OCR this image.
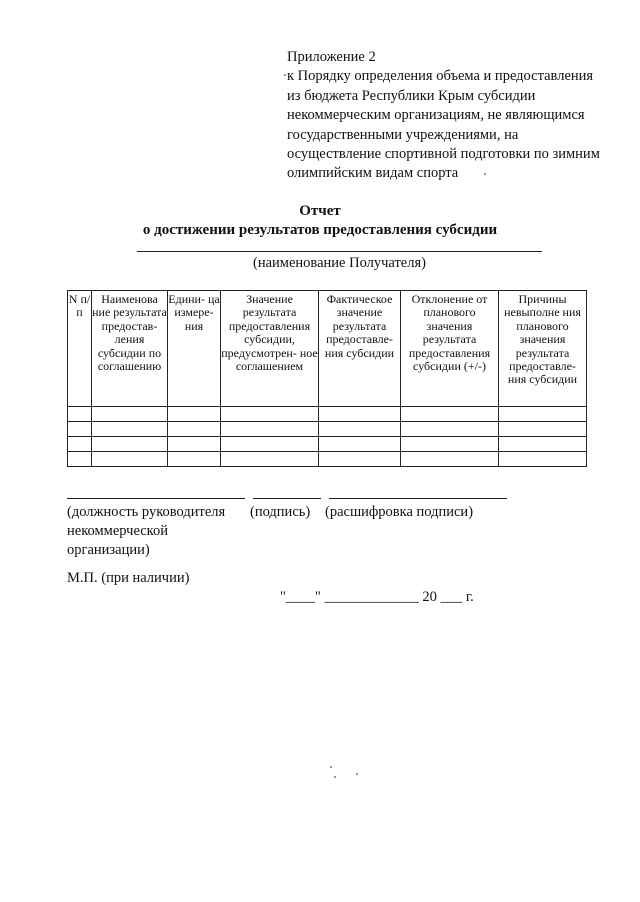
Приложение 2
к Порядку определения объема и предоставления
из бюджета Республики Крым субсидии
некоммерческим организациям, не являющимся
государственными учреждениями, на
осуществление спортивной подготовки по зимним
олимпийским видам спорта
Отчет
о достижении результатов предоставления субсидии
(наименование Получателя)
N п/ п	Наименова ние результата предостав- ления субсидии по соглашению	Едини- ца измере- ния	Значение результата предоставления субсидии, предусмотрен- ное соглашением	Фактическое значение результата предоставле- ния субсидии	Отклонение от планового значения результата предоставления субсидии (+/-)	Причины невыполне ния планового значения результата предоставле- ния субсидии

(должность руководителя некоммерческой организации)
(подпись) (расшифровка подписи)
М.П. (при наличии)
"____" _____________ 20 ___ г.
